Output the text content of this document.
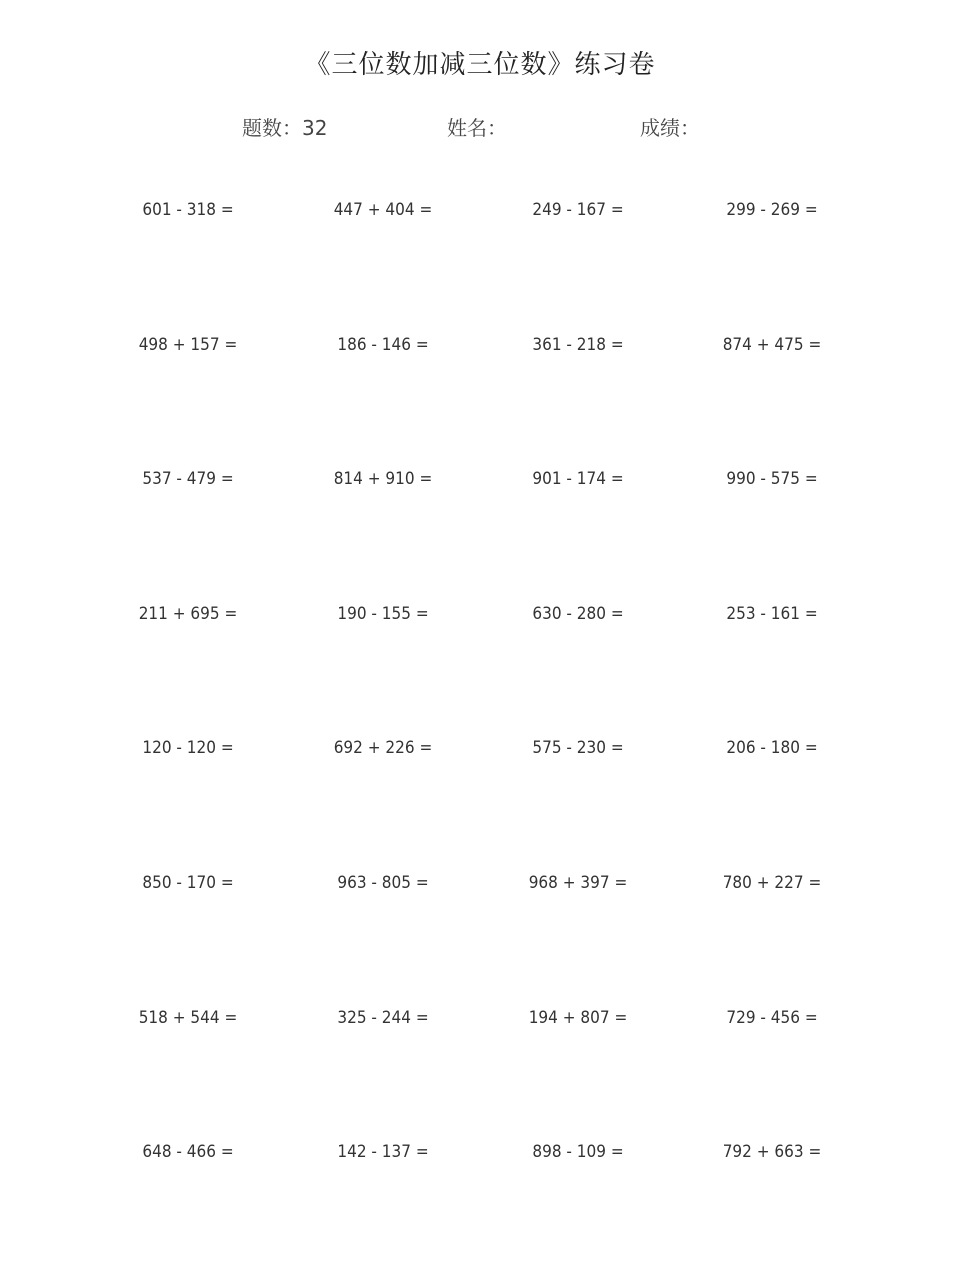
《三位数加减三位数》练习卷
题数：32	姓名：	成绩：
601 - 318 =	447 + 404 =	249 - 167 =	299 - 269 =
498 + 157 =	186 - 146 =	361 - 218 =	874 + 475 =
537 - 479 =	814 + 910 =	901 - 174 =	990 - 575 =
211 + 695 =	190 - 155 =	630 - 280 =	253 - 161 =
120 - 120 =	692 + 226 =	575 - 230 =	206 - 180 =
850 - 170 =	963 - 805 =	968 + 397 =	780 + 227 =
518 + 544 =	325 - 244 =	194 + 807 =	729 - 456 =
648 - 466 =	142 - 137 =	898 - 109 =	792 + 663 =
